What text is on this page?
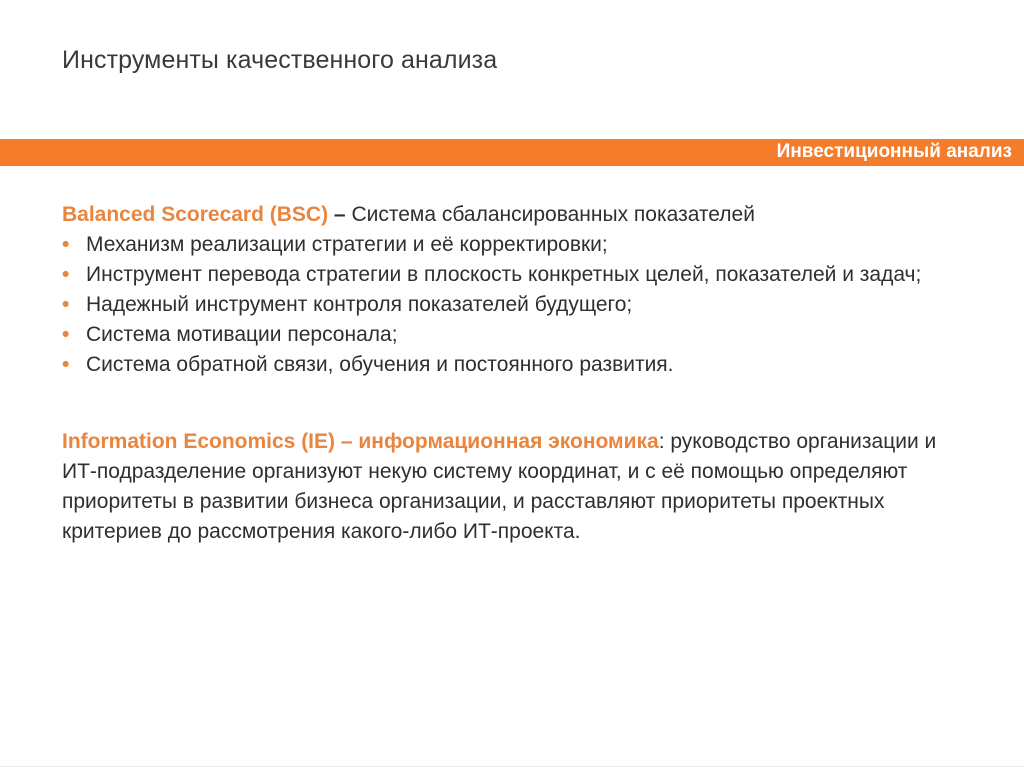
Инструменты качественного анализа
Инвестиционный анализ
Balanced Scorecard (BSC) – Система сбалансированных показателей
• Механизм реализации стратегии и её корректировки;
• Инструмент перевода стратегии в плоскость конкретных целей, показателей и задач;
• Надежный инструмент контроля показателей будущего;
• Система мотивации персонала;
• Система обратной связи, обучения и постоянного развития.
Information Economics (IE) – информационная экономика: руководство организации и ИТ-подразделение организуют некую систему координат, и с её помощью определяют приоритеты в развитии бизнеса организации, и расставляют приоритеты проектных критериев до рассмотрения какого-либо ИТ-проекта.
